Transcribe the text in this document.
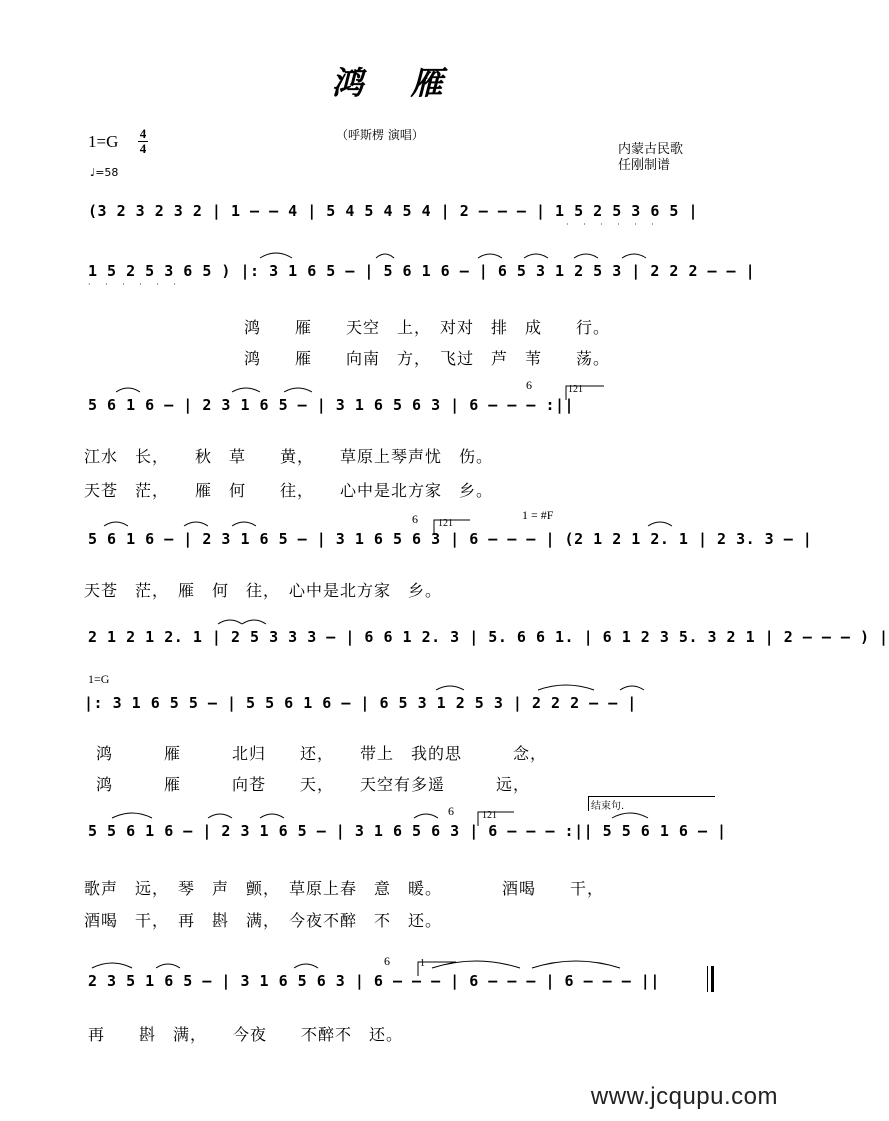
鸿 雁
1=G 4
4
♩=58
（呼斯楞 演唱）
内蒙古民歌
任刚制谱
(3 2 3 2 3 2 | 1 – – 4 | 5 4 5 4 5 4 | 2 – – – | 1 5 2 5 3 6 5 |
· · · · · ·
1 5 2 5 3 6 5 ) |: 3 1 6 5 – | 5 6 1 6 – | 6 5 3 1 2 5 3 | 2 2 2 – – |
· · · · · ·
鸿　　雁　　天空　上，　对对　排　成　　行。
鸿　　雁　　向南　方，　飞过　芦　苇　　荡。
5 6 1 6 – | 2 3 1 6 5 – | 3 1 6 5 6 3 | 6 – – – :||
6	121
江水　长，　　秋　草　　黄，　　草原上琴声忧　伤。
天苍　茫，　　雁　何　　往，　　心中是北方家　乡。
1 = #F
5 6 1 6 – | 2 3 1 6 5 – | 3 1 6 5 6 3 | 6 – – – | (2 1 2 1 2. 1 | 2 3. 3 – |
6 121
天苍　茫，　雁　何　往，　心中是北方家　乡。
2 1 2 1 2. 1 | 2 5 3 3 3 – | 6 6 1 2. 3 | 5. 6 6 1. | 6 1 2 3 5. 3 2 1 | 2 – – – ) |
1=G
|: 3 1 6 5 5 – | 5 5 6 1 6 – | 6 5 3 1 2 5 3 | 2 2 2 – – |
鸿　　　雁　　　北归　　还，　　带上　我的思　　　念，
鸿　　　雁　　　向苍　　天，　　天空有多遥　　　远，
结束句.
5 5 6 1 6 – | 2 3 1 6 5 – | 3 1 6 5 6 3 | 6 – – – :|| 5 5 6 1 6 – |
6	121
歌声　远，　琴　声　颤，　草原上春　意　暖。　　　　酒喝　　干，
酒喝　干，　再　斟　满，　今夜不醉　不　还。
2 3 5 1 6 5 – | 3 1 6 5 6 3 | 6 – – – | 6 – – – | 6 – – – ||
6	1
再　　斟　满，　　今夜　　不醉不　还。
www.jcqupu.com
